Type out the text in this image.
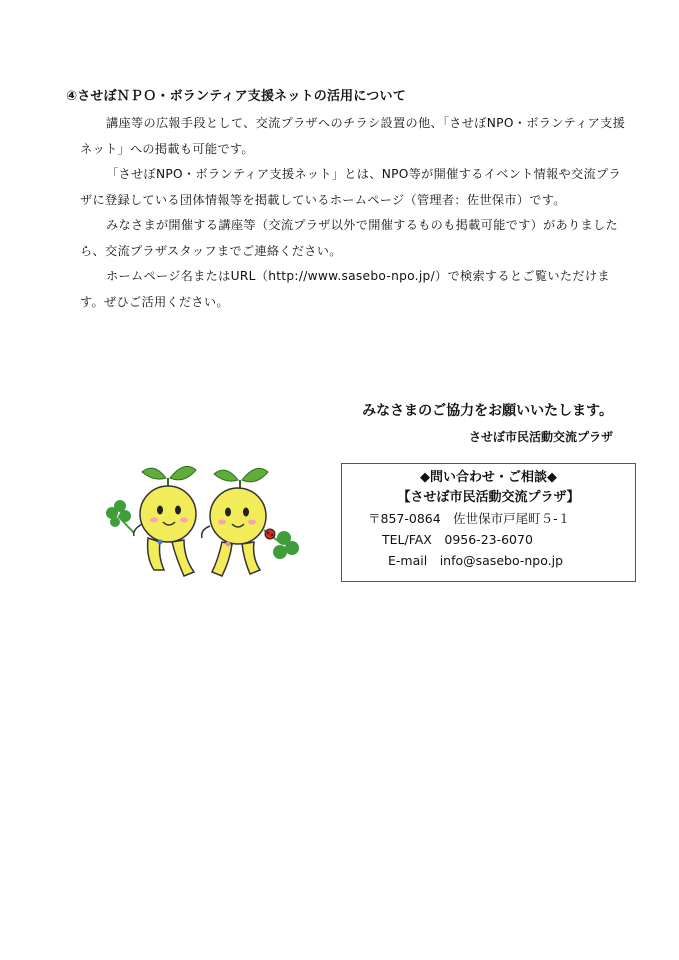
④させぼＮＰＯ・ボランティア支援ネットの活用について

講座等の広報手段として、交流プラザへのチラシ設置の他、「させぼNPO・ボランティア支援ネット」への掲載も可能です。

「させぼNPO・ボランティア支援ネット」とは、NPO等が開催するイベント情報や交流プラザに登録している団体情報等を掲載しているホームページ（管理者：佐世保市）です。

みなさまが開催する講座等（交流プラザ以外で開催するものも掲載可能です）がありましたら、交流プラザスタッフまでご連絡ください。

ホームページ名またはURL（http://www.sasebo-npo.jp/）で検索するとご覧いただけます。ぜひご活用ください。

みなさまのご協力をお願いいたします。
させぼ市民活動交流プラザ
◆問い合わせ・ご相談◆
【させぼ市民活動交流プラザ】
〒857-0864　佐世保市戸尾町５-１
TEL/FAX　0956-23-6070
E-mail　info@sasebo-npo.jp
